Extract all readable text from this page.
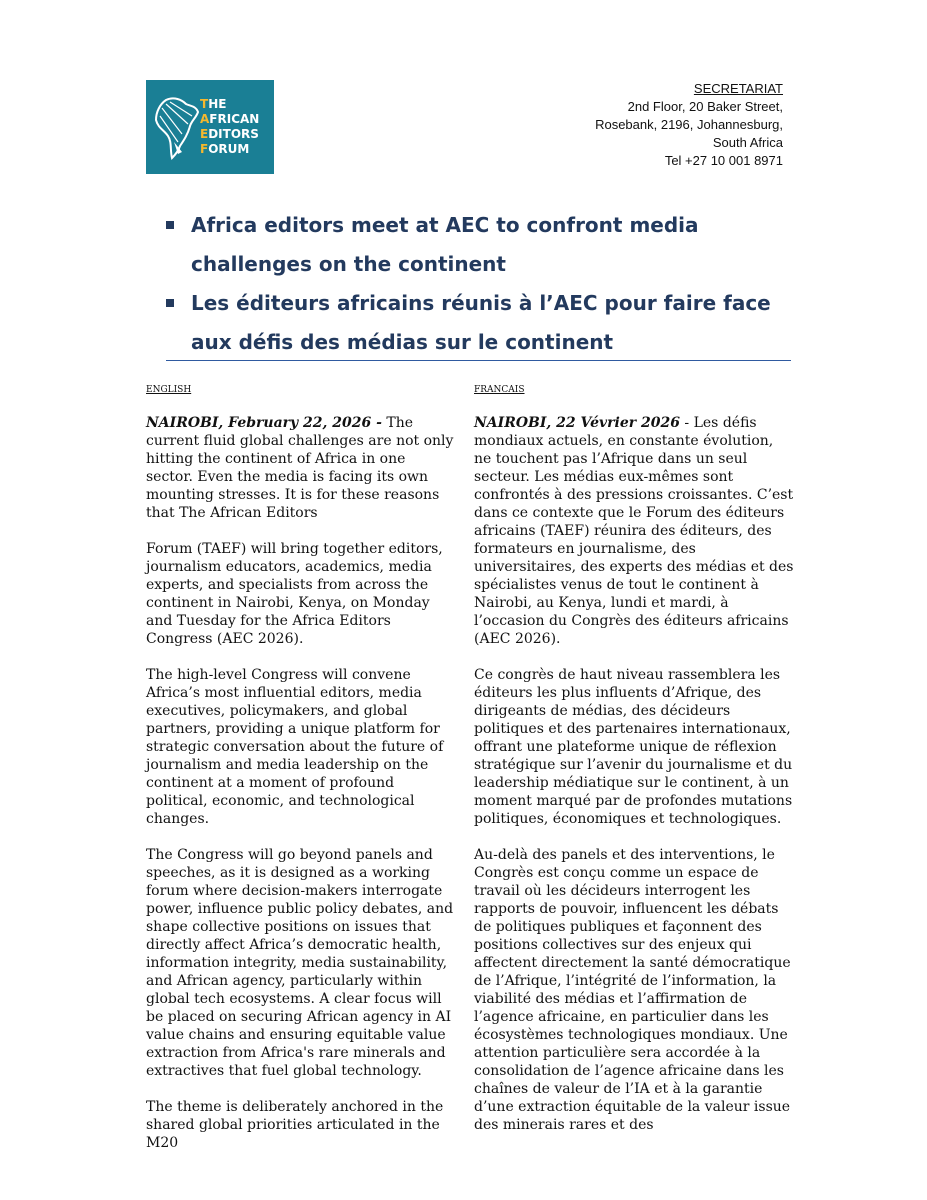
THE
AFRICAN
EDITORS
FORUM
SECRETARIAT
2nd Floor, 20 Baker Street,
Rosebank, 2196, Johannesburg,
South Africa
Tel +27 10 001 8971
Africa editors meet at AEC to confront media challenges on the continent
Les éditeurs africains réunis à l’AEC pour faire face aux défis des médias sur le continent
ENGLISH

NAIROBI, February 22, 2026 - The current fluid global challenges are not only hitting the continent of Africa in one sector. Even the media is facing its own mounting stresses. It is for these reasons that The African Editors

Forum (TAEF) will bring together editors, journalism educators, academics, media experts, and specialists from across the continent in Nairobi, Kenya, on Monday and Tuesday for the Africa Editors Congress (AEC 2026).

The high-level Congress will convene Africa’s most influential editors, media executives, policymakers, and global partners, providing a unique platform for strategic conversation about the future of journalism and media leadership on the continent at a moment of profound political, economic, and technological changes.

The Congress will go beyond panels and speeches, as it is designed as a working forum where decision-makers interrogate power, influence public policy debates, and shape collective positions on issues that directly affect Africa’s democratic health, information integrity, media sustainability, and African agency, particularly within global tech ecosystems. A clear focus will be placed on securing African agency in AI value chains and ensuring equitable value extraction from Africa's rare minerals and extractives that fuel global technology.

The theme is deliberately anchored in the shared global priorities articulated in the M20

FRANCAIS

NAIROBI, 22 Vévrier 2026 - Les défis mondiaux actuels, en constante évolution, ne touchent pas l’Afrique dans un seul secteur. Les médias eux-mêmes sont confrontés à des pressions croissantes. C’est dans ce contexte que le Forum des éditeurs africains (TAEF) réunira des éditeurs, des formateurs en journalisme, des universitaires, des experts des médias et des spécialistes venus de tout le continent à Nairobi, au Kenya, lundi et mardi, à l’occasion du Congrès des éditeurs africains (AEC 2026).

Ce congrès de haut niveau rassemblera les éditeurs les plus influents d’Afrique, des dirigeants de médias, des décideurs politiques et des partenaires internationaux, offrant une plateforme unique de réflexion stratégique sur l’avenir du journalisme et du leadership médiatique sur le continent, à un moment marqué par de profondes mutations politiques, économiques et technologiques.

Au-delà des panels et des interventions, le Congrès est conçu comme un espace de travail où les décideurs interrogent les rapports de pouvoir, influencent les débats de politiques publiques et façonnent des positions collectives sur des enjeux qui affectent directement la santé démocratique de l’Afrique, l’intégrité de l’information, la viabilité des médias et l’affirmation de l’agence africaine, en particulier dans les écosystèmes technologiques mondiaux. Une attention particulière sera accordée à la consolidation de l’agence africaine dans les chaînes de valeur de l’IA et à la garantie d’une extraction équitable de la valeur issue des minerais rares et des
